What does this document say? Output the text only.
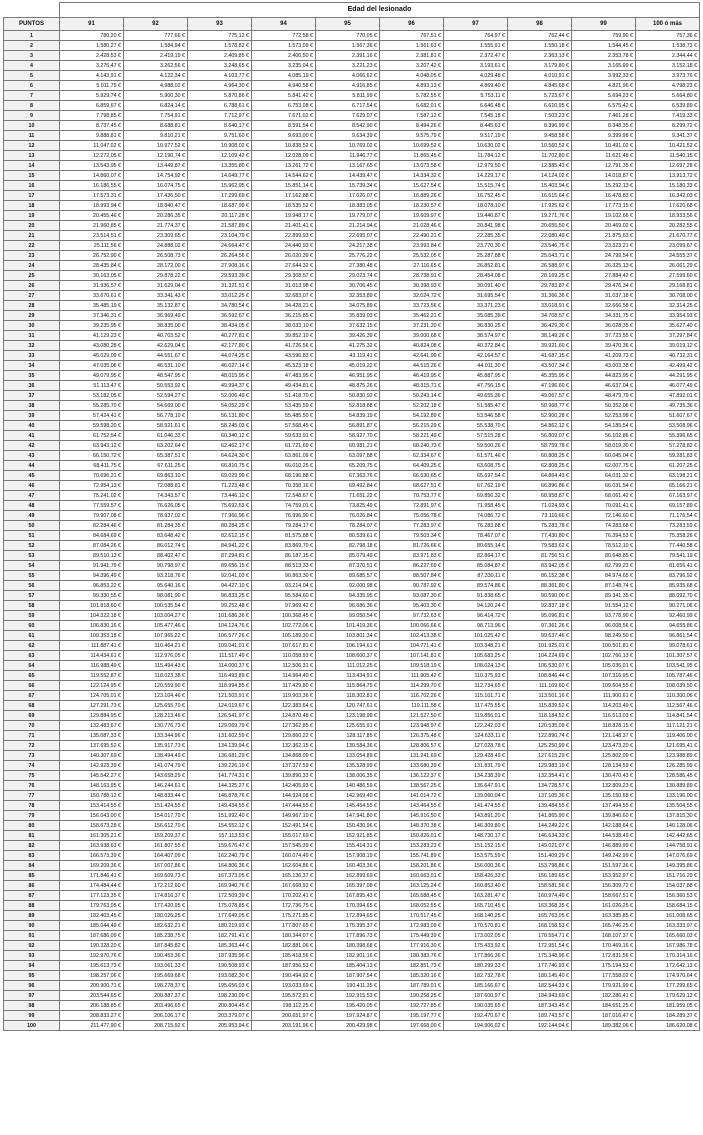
	Edad del lesionado									
PUNTOS	91	92	93	94	95	96	97	98	99	100 ó más
1	780,20 €	777,66 €	775,12 €	772,58 €	770,05 €	767,51 €	764,97 €	762,44 €	759,90 €	757,36 €
2	1.580,27 €	1.584,94 €	1.578,82 €	1.573,09 €	1.567,36 €	1.561,63 €	1.555,91 €	1.550,18 €	1.544,45 €	1.538,73 €
3	2.428,53 €	2.419,19 €	2.409,85 €	2.400,50 €	2.391,16 €	2.381,81 €	2.372,47 €	2.363,13 €	2.353,78 €	2.344,44 €
4	3.276,47 €	3.262,56 €	3.248,65 €	3.235,04 €	3.221,23 €	3.207,42 €	3.193,61 €	3.179,80 €	3.165,99 €	3.152,18 €
5	4.143,91 €	4.122,34 €	4.103,77 €	4.085,19 €	4.066,62 €	4.048,05 €	4.029,48 €	4.010,91 €	3.992,33 €	3.973,76 €
6	5.011,75 €	4.988,02 €	4.964,30 €	4.940,58 €	4.916,85 €	4.893,13 €	4.869,40 €	4.845,68 €	4.821,96 €	4.798,23 €
7	5.929,74 €	5.900,30 €	5.870,86 €	5.841,42 €	5.811,99 €	5.782,55 €	5.753,11 €	5.723,67 €	5.694,23 €	5.664,80 €
8	6.859,67 €	6.824,14 €	6.788,61 €	6.753,08 €	6.717,54 €	6.682,01 €	6.646,48 €	6.610,95 €	6.575,42 €	6.539,89 €
9	7.798,85 €	7.754,91 €	7.712,97 €	7.671,02 €	7.629,07 €	7.587,12 €	7.545,18 €	7.503,23 €	7.461,28 €	7.419,33 €
10	8.737,45 €	8.688,81 €	8.640,17 €	8.591,54 €	8.542,90 €	8.494,26 €	8.445,63 €	8.396,99 €	8.348,35 €	8.299,72 €
11	9.888,81 €	9.810,21 €	9.751,60 €	9.693,00 €	9.634,39 €	9.575,79 €	9.517,19 €	9.458,58 €	9.399,98 €	9.341,37 €
12	11.047,02 €	10.977,52 €	10.908,02 €	10.838,52 €	10.769,02 €	10.699,52 €	10.630,02 €	10.560,52 €	10.491,02 €	10.421,52 €
13	12.272,05 €	12.190,74 €	12.109,42 €	12.028,09 €	11.946,77 €	11.865,45 €	11.784,12 €	11.702,80 €	11.621,48 €	11.540,15 €
14	13.543,95 €	13.449,87 €	13.355,80 €	13.261,72 €	13.167,65 €	13.073,58 €	12.979,50 €	12.885,43 €	12.791,35 €	12.697,28 €
15	14.860,07 €	14.754,92 €	14.649,77 €	14.544,62 €	14.439,47 €	14.334,32 €	14.229,17 €	14.124,02 €	14.018,87 €	13.913,72 €
16	16.186,55 €	16.074,75 €	15.962,95 €	15.851,14 €	15.739,34 €	15.627,54 €	15.515,74 €	15.403,94 €	15.292,13 €	15.180,33 €
17	17.573,31 €	17.436,50 €	17.299,69 €	17.162,88 €	17.026,07 €	16.889,26 €	16.752,45 €	16.615,64 €	16.478,83 €	16.342,03 €
18	18.993,94 €	18.840,47 €	18.687,99 €	18.535,52 €	18.383,05 €	18.230,57 €	18.078,10 €	17.925,62 €	17.773,15 €	17.620,68 €
19	20.455,46 €	20.286,35 €	20.117,28 €	19.948,17 €	19.779,07 €	19.609,97 €	19.440,87 €	19.271,76 €	19.102,66 €	18.933,56 €
20	21.960,85 €	21.774,37 €	21.587,89 €	21.401,41 €	21.214,94 €	21.028,46 €	20.841,98 €	20.655,50 €	20.469,02 €	20.282,55 €
21	23.514,51 €	23.309,65 €	23.104,79 €	22.899,93 €	22.695,07 €	22.490,21 €	22.285,35 €	22.080,49 €	21.875,63 €	21.670,77 €
22	25.111,56 €	24.888,02 €	24.664,47 €	24.440,93 €	24.217,38 €	23.993,84 €	23.770,30 €	23.546,75 €	23.323,21 €	23.099,67 €
23	26.752,90 €	26.508,73 €	26.264,56 €	26.020,39 €	25.776,22 €	25.532,05 €	25.287,88 €	25.043,71 €	24.799,54 €	24.555,37 €
24	28.435,84 €	28.172,00 €	27.908,16 €	27.644,32 €	27.380,48 €	27.116,65 €	26.852,81 €	26.588,97 €	26.325,13 €	26.061,29 €
25	30.163,05 €	29.878,22 €	29.593,39 €	29.308,57 €	29.023,74 €	28.738,91 €	28.454,08 €	28.169,25 €	27.884,42 €	27.599,60 €
26	31.936,57 €	31.629,04 €	31.321,51 €	31.013,98 €	30.706,45 €	30.398,93 €	30.091,40 €	29.783,87 €	29.476,34 €	29.168,81 €
27	33.670,61 €	33.341,43 €	33.012,25 €	32.683,07 €	32.353,89 €	32.024,72 €	31.695,54 €	31.366,36 €	31.037,18 €	30.708,00 €
28	35.485,19 €	35.132,87 €	34.780,54 €	34.428,21 €	34.075,89 €	33.723,56 €	33.371,23 €	33.018,91 €	32.666,58 €	32.314,25 €
29	37.346,31 €	36.969,49 €	36.592,67 €	36.215,85 €	35.839,03 €	35.462,21 €	35.085,39 €	34.708,57 €	34.331,75 €	33.954,93 €
30	39.235,95 €	38.835,00 €	38.434,05 €	38.033,10 €	37.632,15 €	37.231,20 €	36.830,25 €	36.429,30 €	36.028,35 €	35.627,40 €
31	41.129,23 €	40.703,52 €	40.277,81 €	39.852,10 €	39.426,39 €	39.000,68 €	38.574,97 €	38.149,26 €	37.723,55 €	37.297,84 €
32	43.080,28 €	42.629,04 €	42.177,80 €	41.726,56 €	41.275,32 €	40.824,08 €	40.372,84 €	39.921,60 €	39.470,36 €	39.019,12 €
33	45.029,09 €	44.551,67 €	44.074,25 €	43.596,83 €	43.119,41 €	42.641,99 €	42.164,57 €	41.687,15 €	41.209,73 €	40.732,31 €
34	47.035,06 €	46.531,10 €	46.027,14 €	45.523,18 €	45.019,22 €	44.515,26 €	44.011,30 €	43.507,34 €	43.003,38 €	42.499,42 €
35	49.079,95 €	48.547,95 €	48.015,95 €	47.483,95 €	46.951,95 €	46.419,95 €	45.887,95 €	45.355,95 €	44.823,95 €	44.291,95 €
36	51.113,47 €	50.553,92 €	49.994,37 €	49.434,81 €	48.875,26 €	48.315,71 €	47.756,15 €	47.196,60 €	46.637,04 €	46.077,49 €
37	53.182,05 €	52.594,27 €	52.006,49 €	51.418,70 €	50.830,92 €	50.243,14 €	49.655,36 €	49.067,57 €	48.479,79 €	47.892,01 €
38	55.285,70 €	54.669,00 €	54.052,29 €	53.435,59 €	52.818,88 €	52.202,18 €	51.585,47 €	50.968,77 €	50.352,06 €	49.735,36 €
39	57.424,41 €	56.778,10 €	56.131,80 €	55.485,50 €	54.839,19 €	54.192,89 €	53.546,58 €	52.900,28 €	52.253,98 €	51.607,67 €
40	59.598,20 €	58.921,61 €	58.245,03 €	57.568,45 €	56.891,87 €	56.215,29 €	55.538,70 €	54.862,12 €	54.185,54 €	53.508,96 €
41	61.752,54 €	61.046,33 €	60.340,12 €	59.633,91 €	58.927,70 €	58.221,49 €	57.515,28 €	56.809,07 €	56.102,86 €	55.396,65 €
42	63.943,12 €	63.202,64 €	62.462,17 €	61.721,69 €	60.981,21 €	60.240,73 €	59.500,26 €	58.759,78 €	58.019,30 €	57.278,82 €
43	66.150,72 €	65.387,51 €	64.624,30 €	63.861,09 €	63.097,88 €	62.334,67 €	61.571,46 €	60.808,25 €	60.045,04 €	59.281,83 €
44	68.411,75 €	67.611,25 €	66.810,75 €	66.010,25 €	65.209,75 €	64.409,25 €	63.608,75 €	62.808,25 €	62.007,75 €	61.207,25 €
45	70.696,21 €	69.863,10 €	69.029,99 €	68.196,88 €	67.363,76 €	66.530,65 €	65.697,54 €	64.864,43 €	64.031,32 €	63.198,21 €
46	72.954,13 €	72.088,81 €	71.223,48 €	70.358,16 €	69.492,84 €	68.627,51 €	67.762,19 €	66.896,86 €	66.031,54 €	65.166,21 €
47	75.241,02 €	74.343,57 €	73.446,12 €	72.548,67 €	71.651,22 €	70.753,77 €	69.856,32 €	68.958,87 €	68.061,42 €	67.163,97 €
48	77.559,57 €	76.626,05 €	75.692,53 €	74.759,01 €	73.825,49 €	72.891,97 €	71.958,45 €	71.024,93 €	70.091,41 €	69.157,89 €
49	79.907,08 €	78.937,02 €	77.966,96 €	76.996,90 €	76.026,84 €	75.056,78 €	74.086,72 €	73.116,66 €	72.146,60 €	71.176,54 €
50	82.284,46 €	81.284,35 €	80.284,25 €	79.284,17 €	78.284,07 €	77.283,97 €	76.283,88 €	75.283,78 €	74.283,68 €	73.283,59 €
51	84.684,69 €	83.648,42 €	82.612,15 €	81.575,88 €	80.539,61 €	79.503,34 €	78.467,07 €	77.430,80 €	76.394,53 €	75.358,26 €
52	87.084,26 €	86.012,74 €	84.941,22 €	83.869,70 €	82.798,18 €	81.726,66 €	80.655,14 €	79.583,62 €	78.512,10 €	77.440,58 €
53	89.510,13 €	88.402,47 €	87.294,81 €	86.187,15 €	85.079,49 €	83.971,83 €	82.864,17 €	81.756,51 €	80.648,85 €	79.541,19 €
54	91.941,79 €	90.798,97 €	89.656,15 €	88.513,33 €	87.370,51 €	86.227,69 €	85.084,87 €	83.942,05 €	82.799,23 €	81.656,41 €
55	94.396,49 €	93.218,76 €	92.041,03 €	90.863,30 €	89.685,57 €	88.507,84 €	87.330,11 €	86.152,38 €	84.974,65 €	83.796,92 €
56	96.853,22 €	95.640,16 €	94.427,10 €	93.214,04 €	92.000,98 €	90.787,92 €	89.574,86 €	88.361,80 €	87.148,74 €	85.935,68 €
57	99.330,55 €	98.081,90 €	96.833,25 €	95.584,60 €	94.335,95 €	93.087,30 €	91.838,65 €	90.590,00 €	89.341,35 €	88.092,70 €
58	101.818,60 €	100.535,54 €	99.252,48 €	97.969,42 €	96.686,36 €	95.403,30 €	94.120,24 €	92.837,18 €	91.554,12 €	90.271,06 €
59	104.322,18 €	103.004,27 €	101.686,36 €	100.368,45 €	99.050,54 €	97.732,63 €	96.414,72 €	95.096,81 €	93.778,90 €	92.460,99 €
60	106.830,16 €	105.477,46 €	104.124,76 €	102.772,06 €	101.419,36 €	100.066,66 €	98.713,96 €	97.361,26 €	96.008,56 €	94.655,86 €
61	109.353,18 €	107.965,22 €	106.577,26 €	105.189,30 €	103.801,34 €	102.413,38 €	101.025,42 €	99.637,46 €	98.249,50 €	96.861,54 €
62	111.887,41 €	110.464,21 €	109.041,01 €	107.617,81 €	106.194,61 €	104.771,41 €	103.348,21 €	101.925,01 €	100.501,81 €	99.078,61 €
63	114.434,61 €	112.976,05 €	111.517,49 €	110.058,93 €	108.600,37 €	107.141,81 €	105.683,25 €	104.224,69 €	102.766,13 €	101.307,57 €
64	116.988,49 €	115.494,43 €	114.000,37 €	112.506,31 €	111.012,25 €	109.518,19 €	108.024,13 €	106.530,07 €	105.036,01 €	103.541,95 €
65	119.552,87 €	118.023,38 €	116.493,89 €	114.964,40 €	113.434,91 €	111.905,42 €	110.375,93 €	108.846,44 €	107.316,95 €	105.787,46 €
66	122.124,95 €	120.559,90 €	118.994,85 €	117.429,80 €	115.864,75 €	114.299,70 €	112.734,65 €	111.169,60 €	109.604,55 €	108.039,50 €
67	124.705,01 €	123.104,46 €	121.503,91 €	119.903,36 €	118.302,81 €	116.702,26 €	115.101,71 €	113.501,16 €	111.900,61 €	110.300,06 €
68	127.291,73 €	125.655,70 €	124.019,67 €	122.383,64 €	120.747,61 €	119.111,58 €	117.475,55 €	115.839,52 €	114.203,49 €	112.567,46 €
69	129.884,95 €	128.213,46 €	126.541,97 €	124.870,48 €	123.198,99 €	121.527,50 €	119.856,01 €	118.184,52 €	116.513,03 €	114.841,54 €
70	132.483,67 €	130.776,73 €	129.069,79 €	127.362,85 €	125.655,91 €	123.948,97 €	122.242,03 €	120.535,09 €	118.828,15 €	117.121,21 €
71	135.087,33 €	133.344,96 €	131.602,59 €	129.860,22 €	128.117,85 €	126.375,48 €	124.633,11 €	122.890,74 €	121.148,37 €	119.406,00 €
72	137.695,52 €	135.917,73 €	134.139,94 €	132.362,15 €	130.584,36 €	128.806,57 €	127.028,78 €	125.250,99 €	123.473,20 €	121.695,41 €
73	140.307,69 €	138.494,49 €	136.681,29 €	134.868,09 €	133.054,89 €	131.241,69 €	129.428,49 €	127.615,29 €	125.802,09 €	123.988,89 €
74	142.923,39 €	141.074,79 €	139.226,19 €	137.377,59 €	135.528,99 €	133.680,39 €	131.831,79 €	129.983,19 €	128.134,59 €	126.285,99 €
75	145.542,27 €	143.658,29 €	141.774,31 €	139.890,33 €	138.006,35 €	136.122,37 €	134.238,39 €	132.354,41 €	130.470,43 €	128.586,45 €
76	148.163,95 €	146.244,61 €	144.325,27 €	142.405,93 €	140.486,59 €	138.567,25 €	136.647,91 €	134.728,57 €	132.809,23 €	130.889,89 €
77	150.788,12 €	148.833,44 €	146.878,76 €	144.924,08 €	142.969,40 €	141.014,72 €	139.060,04 €	137.105,36 €	135.150,68 €	133.196,00 €
78	153.414,55 €	151.424,55 €	149.434,55 €	147.444,55 €	145.454,55 €	143.464,55 €	141.474,55 €	139.484,55 €	137.494,55 €	135.504,55 €
79	156.043,00 €	154.017,70 €	151.992,40 €	149.967,10 €	147.941,80 €	145.916,50 €	143.891,20 €	141.865,90 €	139.840,60 €	137.815,30 €
80	158.673,28 €	156.612,70 €	154.552,12 €	152.491,54 €	150.430,96 €	148.370,38 €	146.309,80 €	144.249,22 €	142.188,64 €	140.128,06 €
81	161.305,21 €	159.209,37 €	157.113,53 €	155.017,69 €	152.921,85 €	150.826,01 €	148.730,17 €	146.634,33 €	144.538,49 €	142.442,65 €
82	163.938,63 €	161.807,55 €	159.676,47 €	157.545,39 €	155.414,31 €	153.283,23 €	151.152,15 €	149.021,07 €	146.889,99 €	144.758,91 €
83	166.573,39 €	164.407,09 €	162.240,79 €	160.074,49 €	157.908,19 €	155.741,89 €	153.575,59 €	151.409,29 €	149.242,99 €	147.076,69 €
84	169.209,36 €	167.007,86 €	164.806,36 €	162.604,86 €	160.403,36 €	158.201,86 €	156.000,36 €	153.798,86 €	151.597,36 €	149.395,86 €
85	171.846,41 €	169.609,73 €	167.373,05 €	165.136,37 €	162.899,69 €	160.663,01 €	158.426,33 €	156.189,65 €	153.952,97 €	151.716,29 €
86	174.484,44 €	172.212,60 €	169.940,76 €	167.668,92 €	165.397,08 €	163.125,24 €	160.853,40 €	158.581,56 €	156.309,72 €	154.037,88 €
87	177.123,35 €	174.816,37 €	172.509,39 €	170.202,41 €	167.895,43 €	165.588,45 €	163.281,47 €	160.974,49 €	158.667,51 €	156.360,53 €
88	179.763,05 €	177.420,95 €	175.078,85 €	172.736,75 €	170.394,65 €	168.052,55 €	165.710,45 €	163.368,35 €	161.026,25 €	158.684,15 €
89	182.403,45 €	180.026,25 €	177.649,05 €	175.271,85 €	172.894,65 €	170.517,45 €	168.140,25 €	165.763,05 €	163.385,85 €	161.008,65 €
90	185.044,49 €	182.632,21 €	180.219,93 €	177.807,65 €	175.395,37 €	172.983,09 €	170.570,81 €	168.158,53 €	165.746,25 €	163.333,97 €
91	187.686,09 €	185.238,75 €	182.791,41 €	180.344,07 €	177.896,73 €	175.449,39 €	173.002,05 €	170.554,71 €	168.107,37 €	165.660,03 €
92	190.328,20 €	187.845,82 €	185.363,44 €	182.881,06 €	180.398,68 €	177.916,30 €	175.433,92 €	172.951,54 €	170.469,16 €	167.986,78 €
93	192.970,76 €	190.453,36 €	187.935,96 €	185.418,56 €	182.901,16 €	180.383,76 €	177.866,36 €	175.348,96 €	172.831,56 €	170.314,16 €
94	195.613,73 €	193.061,33 €	190.508,93 €	187.956,53 €	185.404,13 €	182.851,73 €	180.299,33 €	177.746,93 €	175.194,53 €	172.642,13 €
95	198.257,06 €	195.669,68 €	193.082,30 €	190.494,92 €	187.907,54 €	185.320,16 €	182.732,78 €	180.145,40 €	177.558,02 €	174.970,64 €
96	200.900,71 €	198.278,37 €	195.656,03 €	193.033,69 €	190.411,35 €	187.789,01 €	185.166,67 €	182.544,33 €	179.921,99 €	177.299,65 €
97	203.544,65 €	200.887,37 €	198.230,09 €	195.572,81 €	192.915,53 €	190.258,25 €	187.600,97 €	184.943,69 €	182.286,41 €	179.629,13 €
98	206.188,85 €	203.496,65 €	200.804,45 €	198.112,25 €	195.420,05 €	192.727,85 €	190.035,65 €	187.343,45 €	184.651,25 €	181.959,05 €
99	208.833,27 €	206.106,17 €	203.379,07 €	200.651,97 €	197.924,87 €	195.197,77 €	192.470,67 €	189.743,57 €	187.016,47 €	184.289,37 €
100	211.477,90 €	208.715,92 €	205.953,94 €	203.191,96 €	200.429,98 €	197.668,00 €	194.906,02 €	192.144,04 €	189.382,06 €	186.620,08 €
